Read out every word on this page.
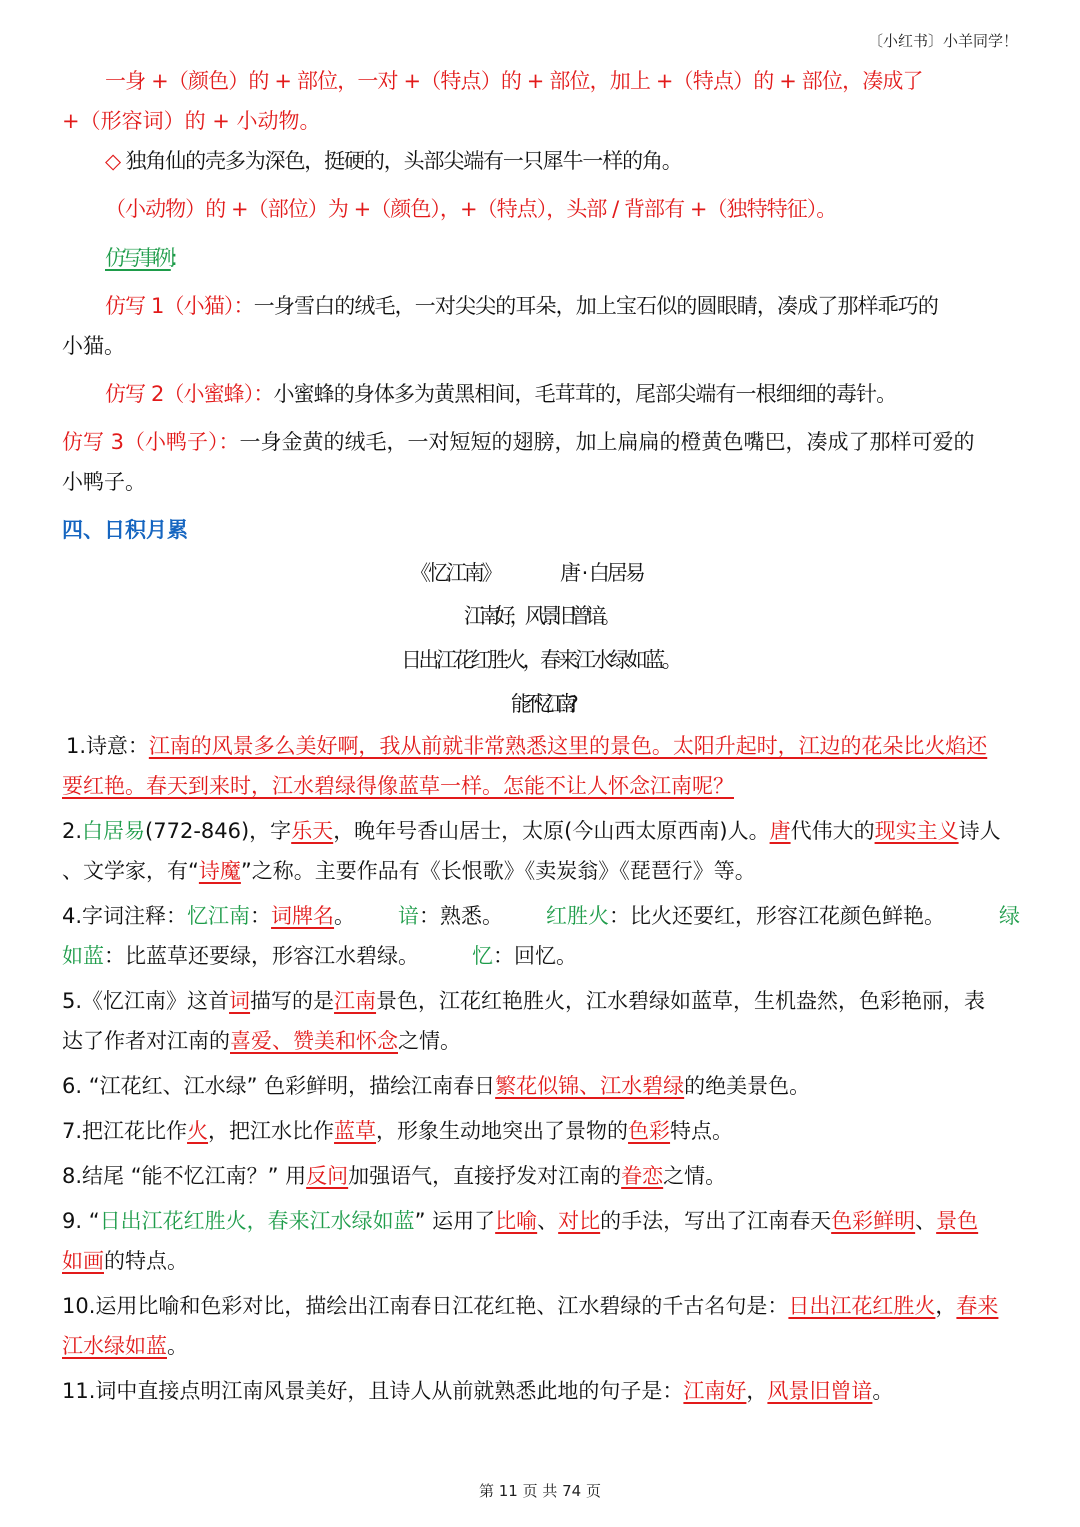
〔小红书〕小羊同学！
一身 +（颜色）的 + 部位，一对 +（特点）的 + 部位，加上 +（特点）的 + 部位，凑成了
+（形容词）的 + 小动物。
◇ 独角仙的壳多为深色，挺硬的，头部尖端有一只犀牛一样的角。
（小动物）的 +（部位）为 +（颜色），+（特点），头部 / 背部有 +（独特特征）。
仿写事例:
仿写 1（小猫）：一身雪白的绒毛，一对尖尖的耳朵，加上宝石似的圆眼睛，凑成了那样乖巧的
小猫。
仿写 2（小蜜蜂）：小蜜蜂的身体多为黄黑相间，毛茸茸的，尾部尖端有一根细细的毒针。
仿写 3（小鸭子）：一身金黄的绒毛，一对短短的翅膀，加上扁扁的橙黄色嘴巴，凑成了那样可爱的
小鸭子。
四、日积月累
《忆江南》	唐 · 白居易
江南好，风景旧曾谙。
日出江花红胜火，春来江水绿如蓝。
能不忆江南?
1.诗意：江南的风景多么美好啊，我从前就非常熟悉这里的景色。太阳升起时，江边的花朵比火焰还
要红艳。春天到来时，江水碧绿得像蓝草一样。怎能不让人怀念江南呢？
2.白居易(772-846)，字乐天，晚年号香山居士，太原(今山西太原西南)人。唐代伟大的现实主义诗人
、文学家，有“诗魔”之称。主要作品有《长恨歌》《卖炭翁》《琵琶行》等。
4.字词注释：忆江南：词牌名。 谙：熟悉。 红胜火：比火还要红，形容江花颜色鲜艳。	绿
如蓝：比蓝草还要绿，形容江水碧绿。	忆：回忆。
5.《忆江南》这首词描写的是江南景色，江花红艳胜火，江水碧绿如蓝草，生机盎然，色彩艳丽，表
达了作者对江南的喜爱、赞美和怀念之情。
6. “江花红、江水绿” 色彩鲜明，描绘江南春日繁花似锦、江水碧绿的绝美景色。
7.把江花比作火，把江水比作蓝草，形象生动地突出了景物的色彩特点。
8.结尾 “能不忆江南？” 用反问加强语气，直接抒发对江南的眷恋之情。
9. “日出江花红胜火，春来江水绿如蓝” 运用了比喻、对比的手法，写出了江南春天色彩鲜明、景色
如画的特点。
10.运用比喻和色彩对比，描绘出江南春日江花红艳、江水碧绿的千古名句是：日出江花红胜火，春来
江水绿如蓝。
11.词中直接点明江南风景美好，且诗人从前就熟悉此地的句子是：江南好，风景旧曾谙。
第 11 页 共 74 页
